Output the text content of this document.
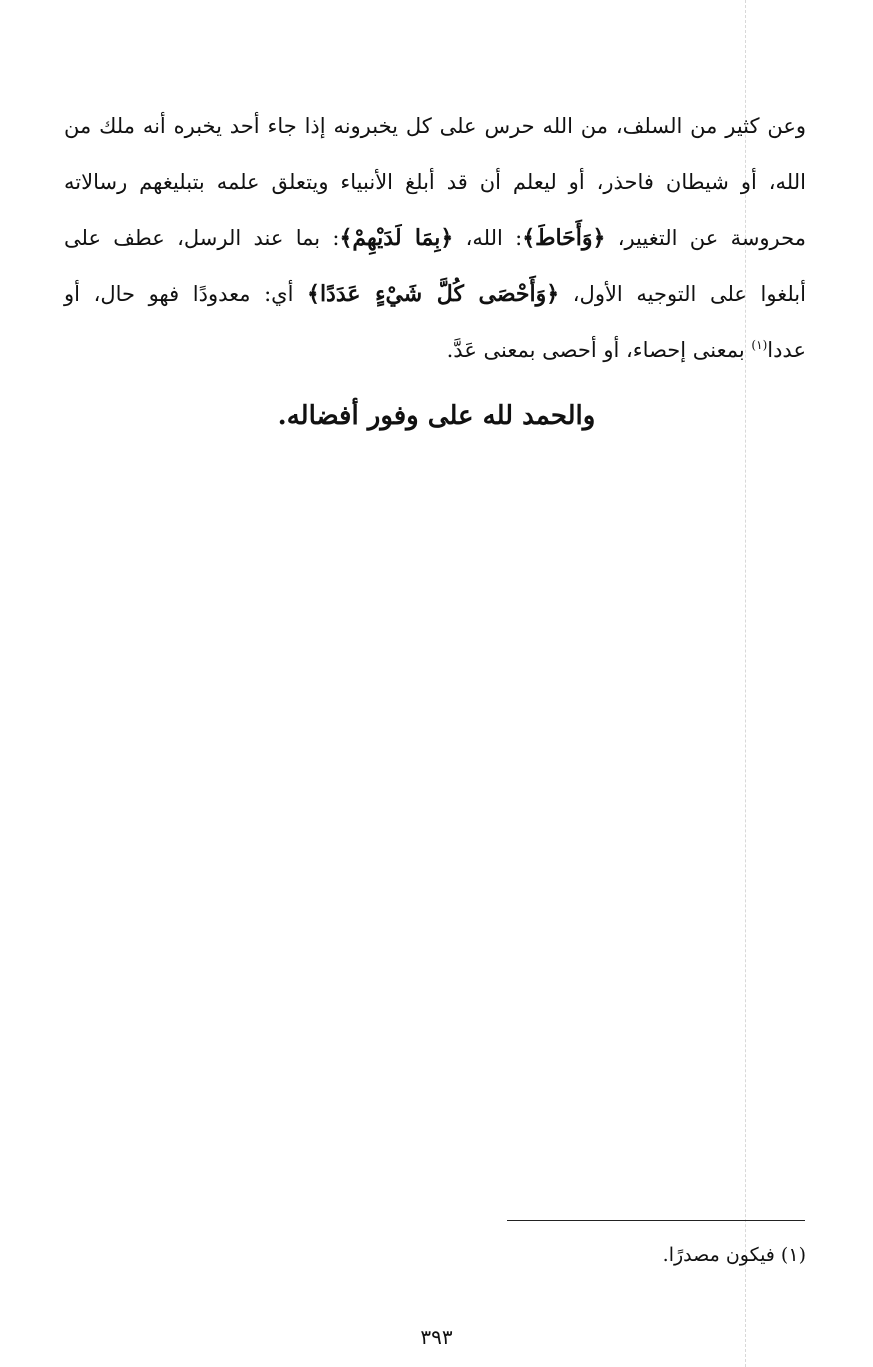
وعن كثير من السلف، من الله حرس على كل يخبرونه إذا جاء أحد يخبره أنه ملك من
الله، أو شيطان فاحذر، أو ليعلم أن قد أبلغ الأنبياء ويتعلق علمه بتبليغهم رسالاته
محروسة عن التغيير، ﴿وَأَحَاطَ﴾: الله، ﴿بِمَا لَدَيْهِمْ﴾: بما عند الرسل، عطف على
أبلغوا على التوجيه الأول، ﴿وَأَحْصَى كُلَّ شَيْءٍ عَدَدًا﴾ أي: معدودًا فهو حال، أو
عددا$^{(١)}$ بمعنى إحصاء، أو أحصى بمعنى عَدَّ.
والحمد لله على وفور أفضاله.
(١) فيكون مصدرًا.
٣٩٣
